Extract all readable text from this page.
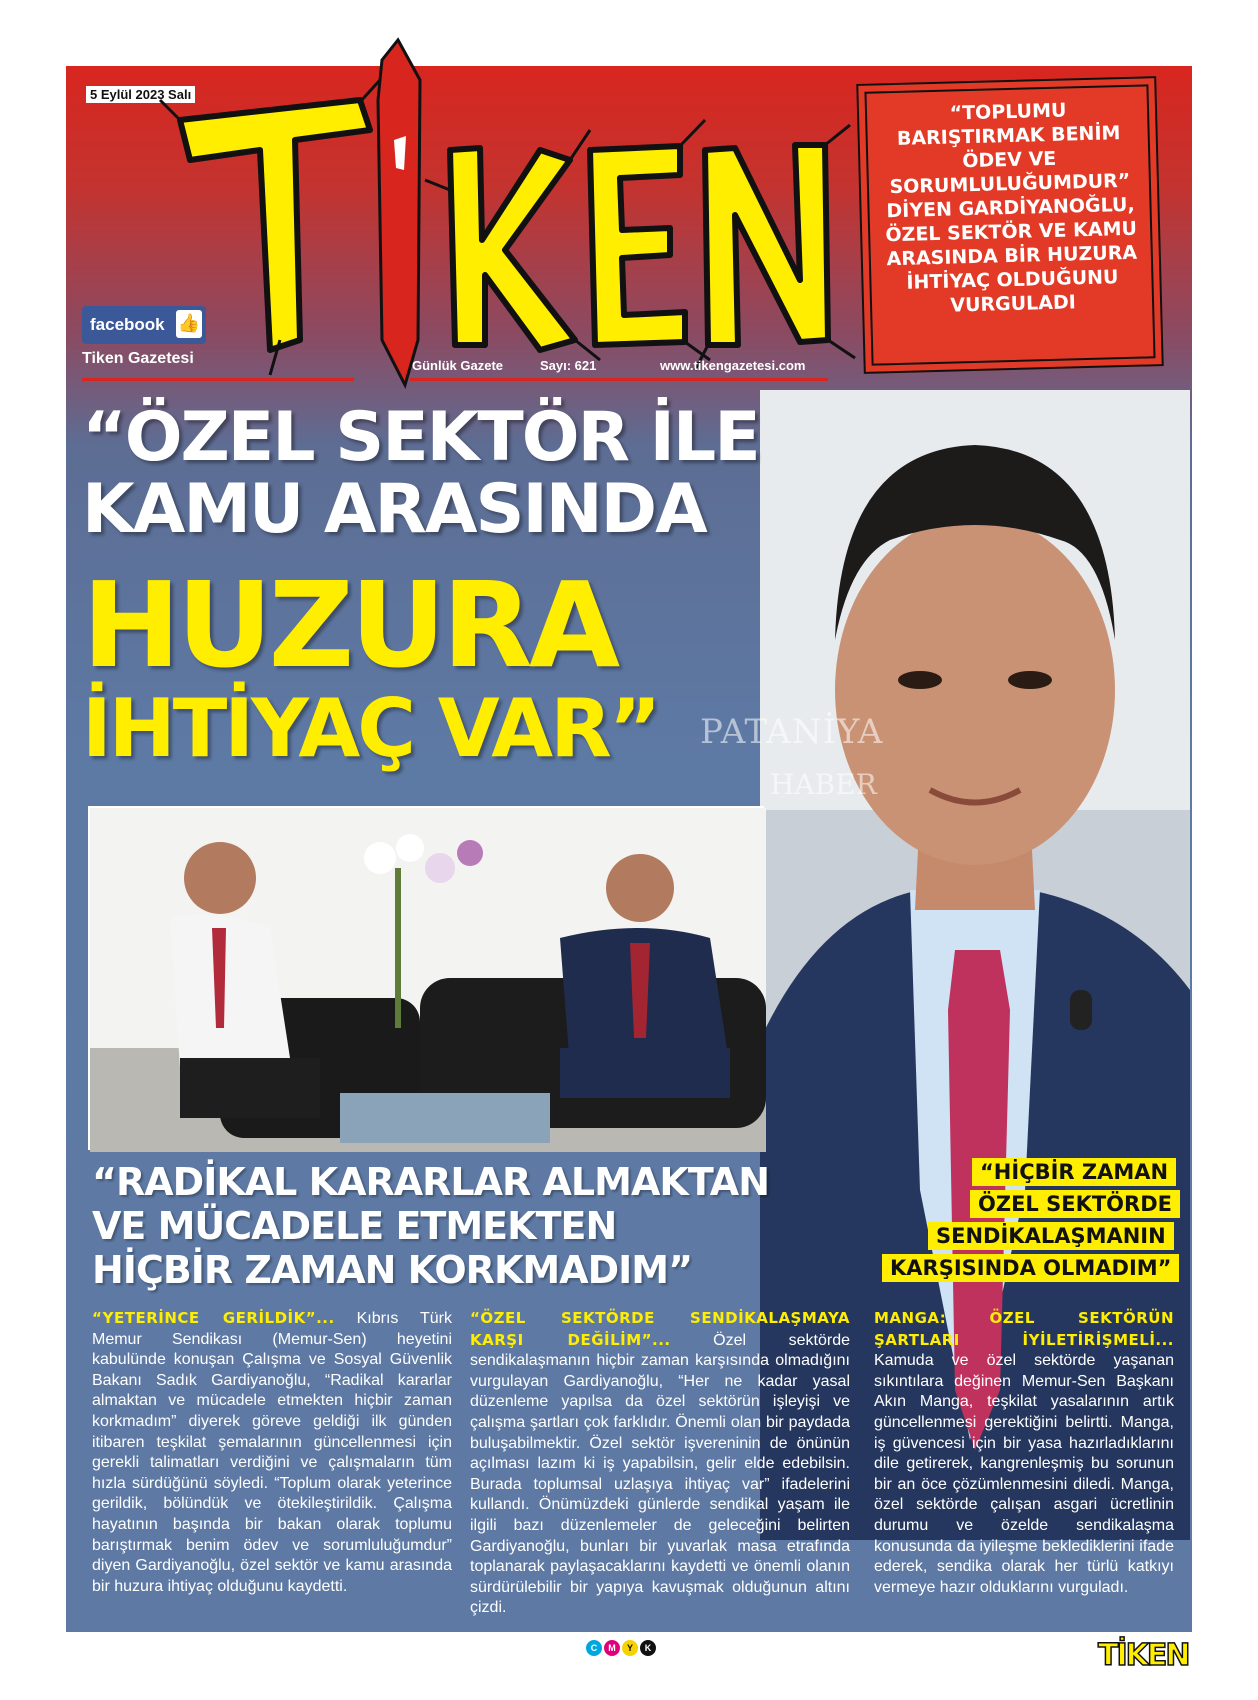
5 Eylül 2023 Salı
TİKEN
facebook 👍
Tiken Gazetesi	Günlük Gazete	Sayı: 621	www.tikengazetesi.com

“TOPLUMU BARIŞTIRMAK BENİM ÖDEV VE SORUMLULUĞUMDUR” DİYEN GARDİYANOĞLU, ÖZEL SEKTÖR VE KAMU ARASINDA BİR HUZURA İHTİYAÇ OLDUĞUNU VURGULADI

“ÖZEL SEKTÖR İLE
KAMU ARASINDA
HUZURA
İHTİYAÇ VAR” PATANİYA
HABER
“RADİKAL KARARLAR ALMAKTAN
VE MÜCADELE ETMEKTEN
HİÇBİR ZAMAN KORKMADIM”
“HİÇBİR ZAMAN
ÖZEL SEKTÖRDE
SENDİKALAŞMANIN
KARŞISINDA OLMADIM”
“YETERİNCE GERİLDİK”... Kıbrıs Türk Memur Sendikası (Memur-Sen) heyetini kabulünde konuşan Çalışma ve Sosyal Güvenlik Bakanı Sadık Gardiyanoğlu, “Radikal kararlar almaktan ve mücadele etmekten hiçbir zaman korkmadım” diyerek göreve geldiği ilk günden itibaren teşkilat şemalarının güncellenmesi için gerekli talimatları verdiğini ve çalışmaların tüm hızla sürdüğünü söyledi. “Toplum olarak yeterince gerildik, bölündük ve ötekileştirildik. Çalışma hayatının başında bir bakan olarak toplumu barıştırmak benim ödev ve sorumluluğumdur” diyen Gardiyanoğlu, özel sektör ve kamu arasında bir huzura ihtiyaç olduğunu kaydetti.
“ÖZEL SEKTÖRDE SENDİKALAŞMAYA KARŞI DEĞİLİM”... Özel sektörde sendikalaşmanın hiçbir zaman karşısında olmadığını vurgulayan Gardiyanoğlu, “Her ne kadar yasal düzenleme yapılsa da özel sektörün işleyişi ve çalışma şartları çok farklıdır. Önemli olan bir paydada buluşabilmektir. Özel sektör işvereninin de önünün açılması lazım ki iş yapabilsin, gelir elde edebilsin. Burada toplumsal uzlaşıya ihtiyaç var” ifadelerini kullandı. Önümüzdeki günlerde sendikal yaşam ile ilgili bazı düzenlemeler de geleceğini belirten Gardiyanoğlu, bunları bir yuvarlak masa etrafında toplanarak paylaşacaklarını kaydetti ve önemli olanın sürdürülebilir bir yapıya kavuşmak olduğunun altını çizdi.
MANGA: ÖZEL SEKTÖRÜN ŞARTLARI İYİLETİRİŞMELİ... Kamuda ve özel sektörde yaşanan sıkıntılara değinen Memur-Sen Başkanı Akın Manga, teşkilat yasalarının artık güncellenmesi gerektiğini belirtti. Manga, iş güvencesi için bir yasa hazırladıklarını dile getirerek, kangrenleşmiş bu sorunun bir an öce çözümlenmesini diledi. Manga, özel sektörde çalışan asgari ücretlinin durumu ve özelde sendikalaşma konusunda da iyileşme beklediklerini ifade ederek, sendika olarak her türlü katkıyı vermeye hazır olduklarını vurguladı.
C	M	Y	K	TİKEN
